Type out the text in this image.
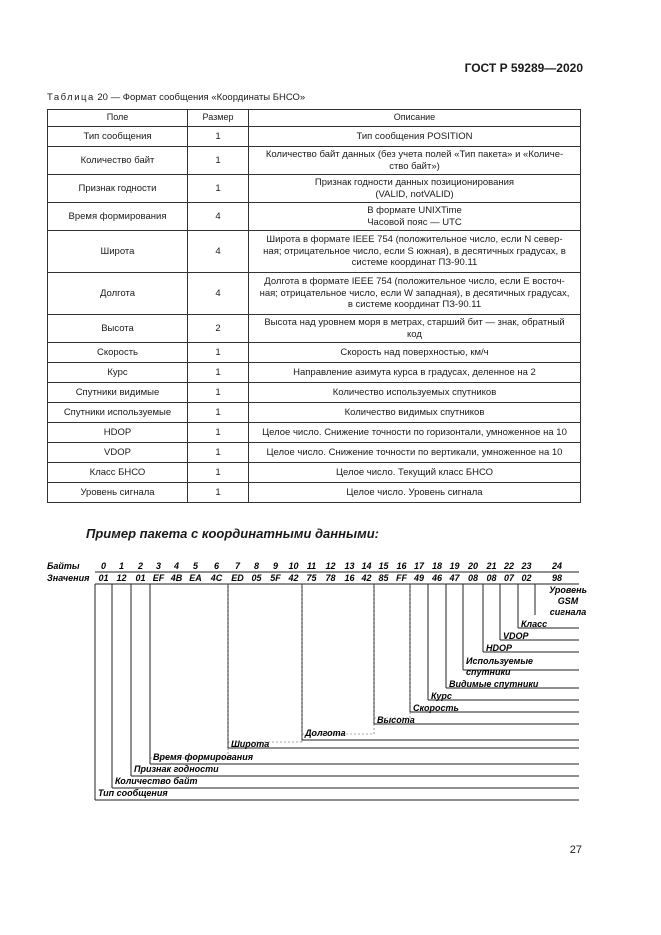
ГОСТ Р 59289—2020

Таблица 20 — Формат сообщения «Координаты БНСО»

Поле	Размер	Описание
Тип сообщения	1	Тип сообщения POSITION
Количество байт	1	Количество байт данных (без учета полей «Тип пакета» и «Количе-
ство байт»)
Признак годности	1	Признак годности данных позиционирования
(VALID, notVALID)
Время формирования	4	В формате UNIXTime
Часовой пояс — UTC
Широта	4	Широта в формате IEEE 754 (положительное число, если N север-
ная; отрицательное число, если S южная), в десятичных градусах, в
системе координат ПЗ-90.11
Долгота	4	Долгота в формате IEEE 754 (положительное число, если E восточ-
ная; отрицательное число, если W западная), в десятичных градусах,
в системе координат ПЗ-90.11
Высота	2	Высота над уровнем моря в метрах, старший бит — знак, обратный
код
Скорость	1	Скорость над поверхностью, км/ч
Курс	1	Направление азимута курса в градусах, деленное на 2
Спутники видимые	1	Количество используемых спутников
Спутники используемые	1	Количество видимых спутников
HDOP	1	Целое число. Снижение точности по горизонтали, умноженное на 10
VDOP	1	Целое число. Снижение точности по вертикали, умноженное на 10
Класс БНСО	1	Целое число. Текущий класс БНСО
Уровень сигнала	1	Целое число. Уровень сигнала

Пример пакета с координатными данными:

Байты
Значения
0
01
1
12
2
01
3
EF
4
4B
5
EA
6
4C
7
ED
8
05
9
5F
10
42
11
75
12
78
13
16
14
42
15
85
16
FF
17
49
18
46
19
47
20
08
21
08
22
07
23
02
24
98
Уровень
GSM
сигнала
Класс
VDOP
HDOP
Используемые
спутники
Видимые спутники
Курс
Скорость
Высота
Долгота
Широта
Время формирования
Признак годности
Количество байт
Тип сообщения

27
